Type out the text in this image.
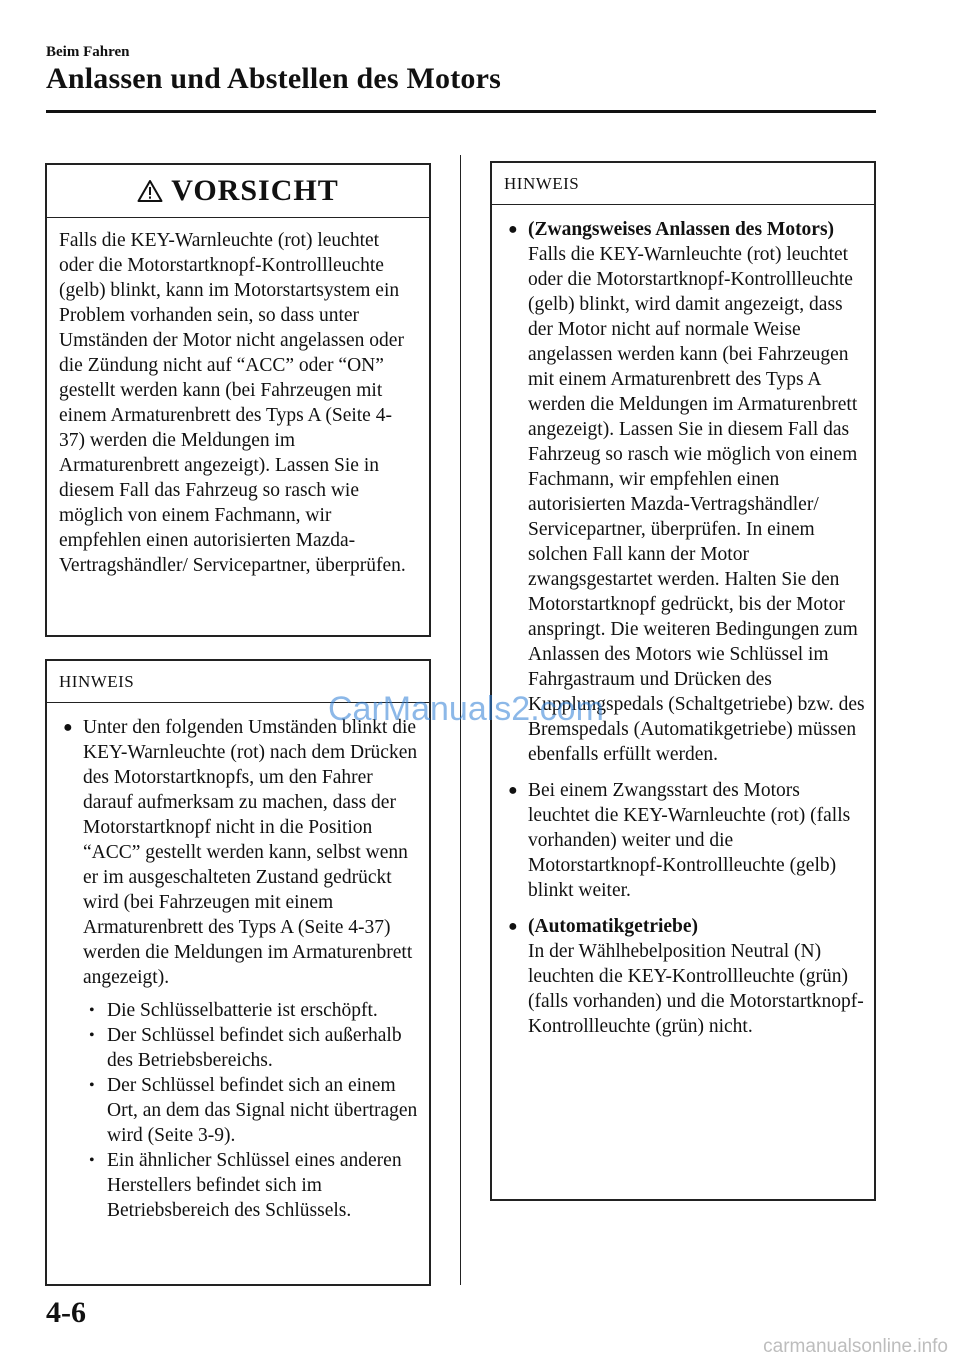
Beim Fahren
Anlassen und Abstellen des Motors
VORSICHT
Falls die KEY-Warnleuchte (rot) leuchtet oder die Motorstartknopf-Kontrollleuchte (gelb) blinkt, kann im Motorstartsystem ein Problem vorhanden sein, so dass unter Umständen der Motor nicht angelassen oder die Zündung nicht auf “ACC” oder “ON” gestellt werden kann (bei Fahrzeugen mit einem Armaturenbrett des Typs A (Seite 4-37) werden die Meldungen im Armaturenbrett angezeigt). Lassen Sie in diesem Fall das Fahrzeug so rasch wie möglich von einem Fachmann, wir empfehlen einen autorisierten Mazda-Vertragshändler/ Servicepartner, überprüfen.
HINWEIS
● Unter den folgenden Umständen blinkt die KEY-Warnleuchte (rot) nach dem Drücken des Motorstartknopfs, um den Fahrer darauf aufmerksam zu machen, dass der Motorstartknopf nicht in die Position “ACC” gestellt werden kann, selbst wenn er im ausgeschalteten Zustand gedrückt wird (bei Fahrzeugen mit einem Armaturenbrett des Typs A (Seite 4-37) werden die Meldungen im Armaturenbrett angezeigt).
• Die Schlüsselbatterie ist erschöpft.
• Der Schlüssel befindet sich außerhalb des Betriebsbereichs.
• Der Schlüssel befindet sich an einem Ort, an dem das Signal nicht übertragen wird (Seite 3-9).
• Ein ähnlicher Schlüssel eines anderen Herstellers befindet sich im Betriebsbereich des Schlüssels.
HINWEIS
● (Zwangsweises Anlassen des Motors)
Falls die KEY-Warnleuchte (rot) leuchtet oder die Motorstartknopf-Kontrollleuchte (gelb) blinkt, wird damit angezeigt, dass der Motor nicht auf normale Weise angelassen werden kann (bei Fahrzeugen mit einem Armaturenbrett des Typs A werden die Meldungen im Armaturenbrett angezeigt). Lassen Sie in diesem Fall das Fahrzeug so rasch wie möglich von einem Fachmann, wir empfehlen einen autorisierten Mazda-Vertragshändler/ Servicepartner, überprüfen. In einem solchen Fall kann der Motor zwangsgestartet werden. Halten Sie den Motorstartknopf gedrückt, bis der Motor anspringt. Die weiteren Bedingungen zum Anlassen des Motors wie Schlüssel im Fahrgastraum und Drücken des Kupplungspedals (Schaltgetriebe) bzw. des Bremspedals (Automatikgetriebe) müssen ebenfalls erfüllt werden.
● Bei einem Zwangsstart des Motors leuchtet die KEY-Warnleuchte (rot) (falls vorhanden) weiter und die Motorstartknopf-Kontrollleuchte (gelb) blinkt weiter.
● (Automatikgetriebe)
In der Wählhebelposition Neutral (N) leuchten die KEY-Kontrollleuchte (grün) (falls vorhanden) und die Motorstartknopf-Kontrollleuchte (grün) nicht.
CarManuals2.com
4-6
carmanualsonline.info
